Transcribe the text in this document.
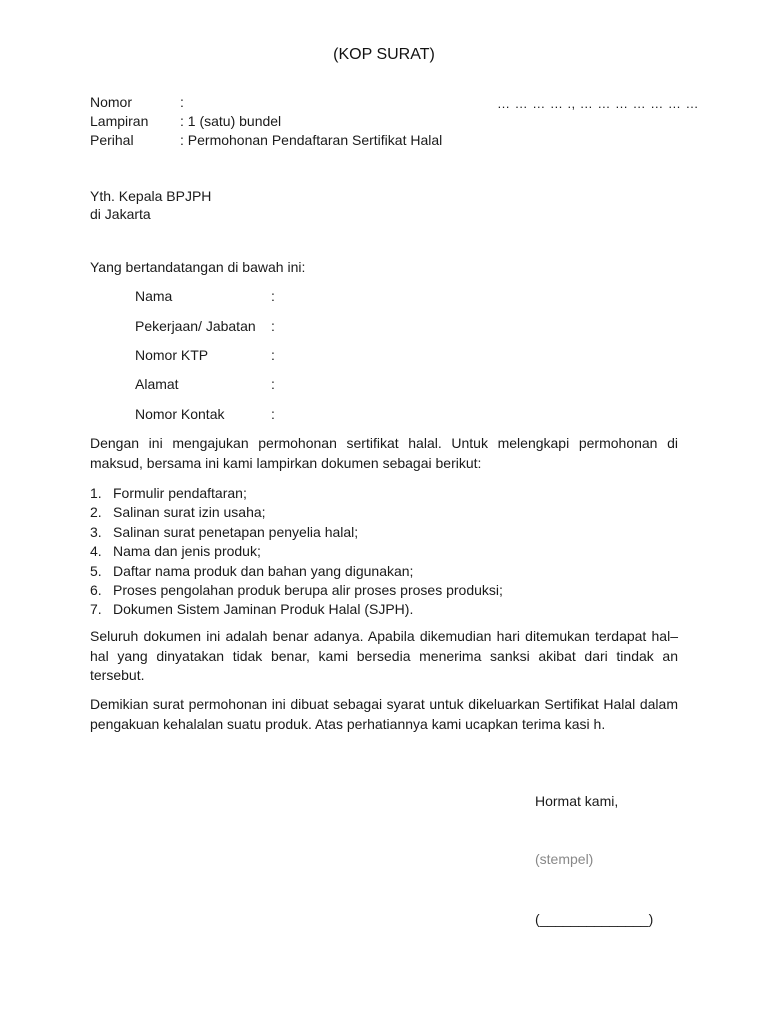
(KOP SURAT)
Nomor	:
Lampiran : 1 (satu) bundel
Perihal	: Permohonan Pendaftaran Sertifikat Halal
… … … … ., … … … … … … …
Yth. Kepala BPJPH
di Jakarta
Yang bertandatangan di bawah ini:
Nama	:
Pekerjaan/ Jabatan :
Nomor KTP	:
Alamat	:
Nomor Kontak	:
Dengan ini mengajukan permohonan sertifikat halal. Untuk melengkapi permohonan di maksud, bersama ini kami lampirkan dokumen sebagai berikut:
1. Formulir pendaftaran;
2. Salinan surat izin usaha;
3. Salinan surat penetapan penyelia halal;
4. Nama dan jenis produk;
5. Daftar nama produk dan bahan yang digunakan;
6. Proses pengolahan produk berupa alir proses proses produksi;
7. Dokumen Sistem Jaminan Produk Halal (SJPH).
Seluruh dokumen ini adalah benar adanya. Apabila dikemudian hari ditemukan terdapat hal–hal yang dinyatakan tidak benar, kami bersedia menerima sanksi akibat dari tindak an tersebut.
Demikian surat permohonan ini dibuat sebagai syarat untuk dikeluarkan Sertifikat Halal dalam pengakuan kehalalan suatu produk. Atas perhatiannya kami ucapkan terima kasi h.
Hormat kami,
(stempel)
(______________)
